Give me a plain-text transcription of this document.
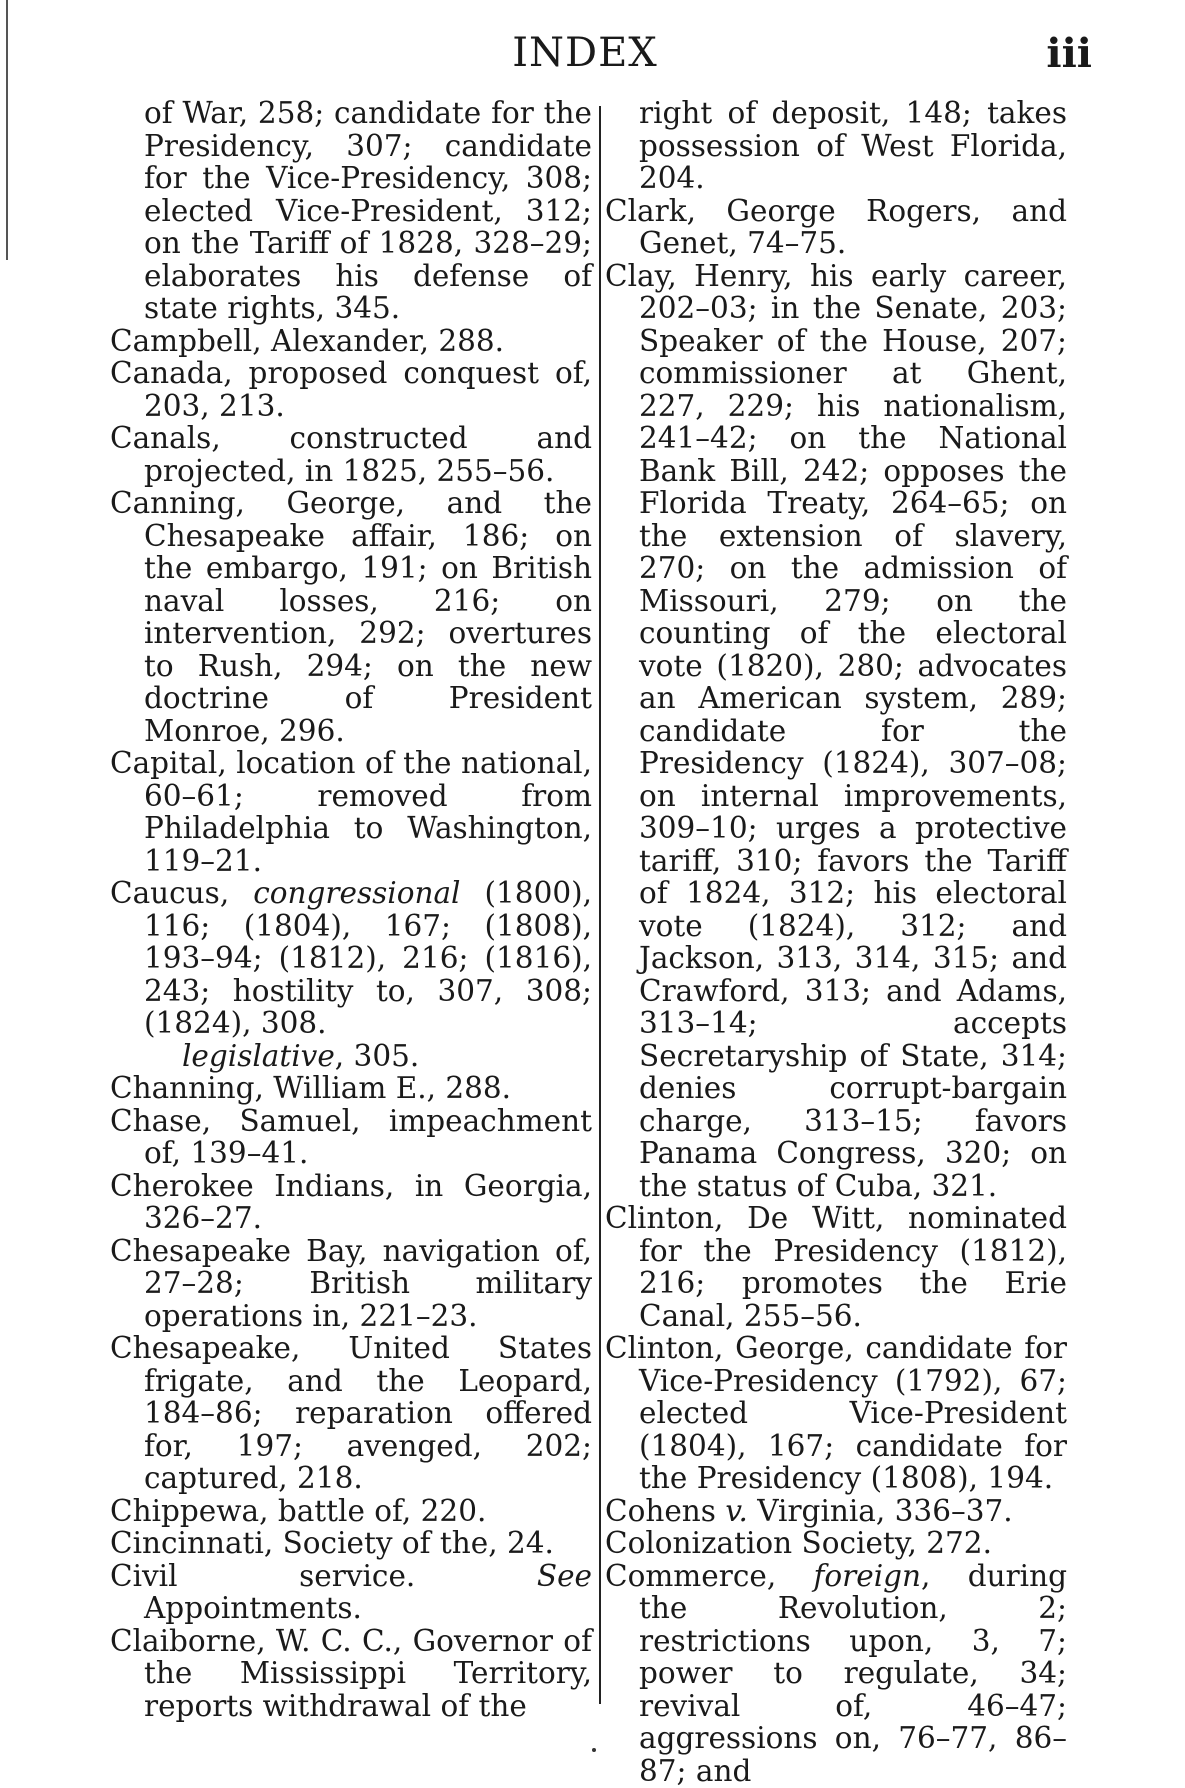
INDEX	iii

of War, 258; candidate for the Presidency, 307; candidate for the Vice-Presidency, 308; elected Vice-President, 312; on the Tariff of 1828, 328–29; elaborates his defense of state rights, 345.

Campbell, Alexander, 288.

Canada, proposed conquest of, 203, 213.

Canals, constructed and projected, in 1825, 255–56.

Canning, George, and the Chesapeake affair, 186; on the embargo, 191; on British naval losses, 216; on intervention, 292; overtures to Rush, 294; on the new doctrine of President Monroe, 296.

Capital, location of the national, 60–61; removed from Philadelphia to Washington, 119–21.

Caucus, congressional (1800), 116; (1804), 167; (1808), 193–94; (1812), 216; (1816), 243; hostility to, 307, 308; (1824), 308.

legislative, 305.

Channing, William E., 288.

Chase, Samuel, impeachment of, 139–41.

Cherokee Indians, in Georgia, 326–27.

Chesapeake Bay, navigation of, 27–28; British military operations in, 221–23.

Chesapeake, United States frigate, and the Leopard, 184–86; reparation offered for, 197; avenged, 202; captured, 218.

Chippewa, battle of, 220.

Cincinnati, Society of the, 24.

Civil service. See Appointments.

Claiborne, W. C. C., Governor of the Mississippi Territory, reports withdrawal of the

right of deposit, 148; takes possession of West Florida, 204.

Clark, George Rogers, and Genet, 74–75.

Clay, Henry, his early career, 202–03; in the Senate, 203; Speaker of the House, 207; commissioner at Ghent, 227, 229; his nationalism, 241–42; on the National Bank Bill, 242; opposes the Florida Treaty, 264–65; on the extension of slavery, 270; on the admission of Missouri, 279; on the counting of the electoral vote (1820), 280; advocates an American system, 289; candidate for the Presidency (1824), 307–08; on internal improvements, 309–10; urges a protective tariff, 310; favors the Tariff of 1824, 312; his electoral vote (1824), 312; and Jackson, 313, 314, 315; and Crawford, 313; and Adams, 313–14; accepts Secretaryship of State, 314; denies corrupt-bargain charge, 313–15; favors Panama Congress, 320; on the status of Cuba, 321.

Clinton, De Witt, nominated for the Presidency (1812), 216; promotes the Erie Canal, 255–56.

Clinton, George, candidate for Vice-Presidency (1792), 67; elected Vice-President (1804), 167; candidate for the Presidency (1808), 194.

Cohens v. Virginia, 336–37.

Colonization Society, 272.

Commerce, foreign, during the Revolution, 2; restrictions upon, 3, 7; power to regulate, 34; revival of, 46–47; aggressions on, 76–77, 86–87; and
